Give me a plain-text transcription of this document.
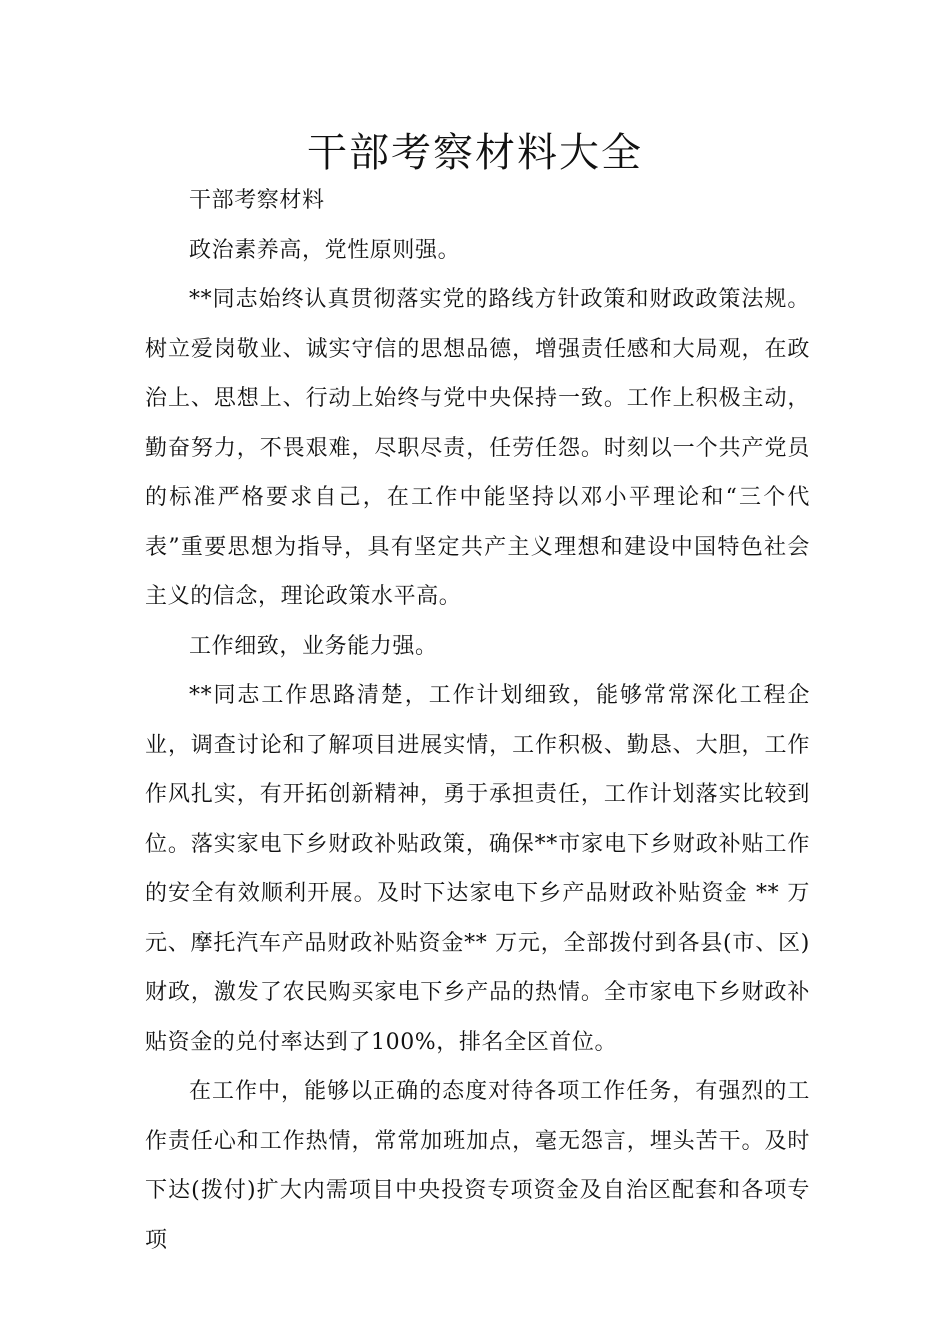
干部考察材料大全

干部考察材料

政治素养高，党性原则强。

**同志始终认真贯彻落实党的路线方针政策和财政政策法规。树立爱岗敬业、诚实守信的思想品德，增强责任感和大局观，在政治上、思想上、行动上始终与党中央保持一致。工作上积极主动，勤奋努力，不畏艰难，尽职尽责，任劳任怨。时刻以一个共产党员的标准严格要求自己，在工作中能坚持以邓小平理论和“三个代表”重要思想为指导，具有坚定共产主义理想和建设中国特色社会主义的信念，理论政策水平高。

工作细致，业务能力强。

**同志工作思路清楚，工作计划细致，能够常常深化工程企业，调查讨论和了解项目进展实情，工作积极、勤恳、大胆，工作作风扎实，有开拓创新精神，勇于承担责任，工作计划落实比较到位。落实家电下乡财政补贴政策，确保**市家电下乡财政补贴工作的安全有效顺利开展。及时下达家电下乡产品财政补贴资金 ** 万元、摩托汽车产品财政补贴资金** 万元，全部拨付到各县(市、区)财政，激发了农民购买家电下乡产品的热情。全市家电下乡财政补贴资金的兑付率达到了100%，排名全区首位。

在工作中，能够以正确的态度对待各项工作任务，有强烈的工作责任心和工作热情，常常加班加点，毫无怨言，埋头苦干。及时下达(拨付)扩大内需项目中央投资专项资金及自治区配套和各项专项
